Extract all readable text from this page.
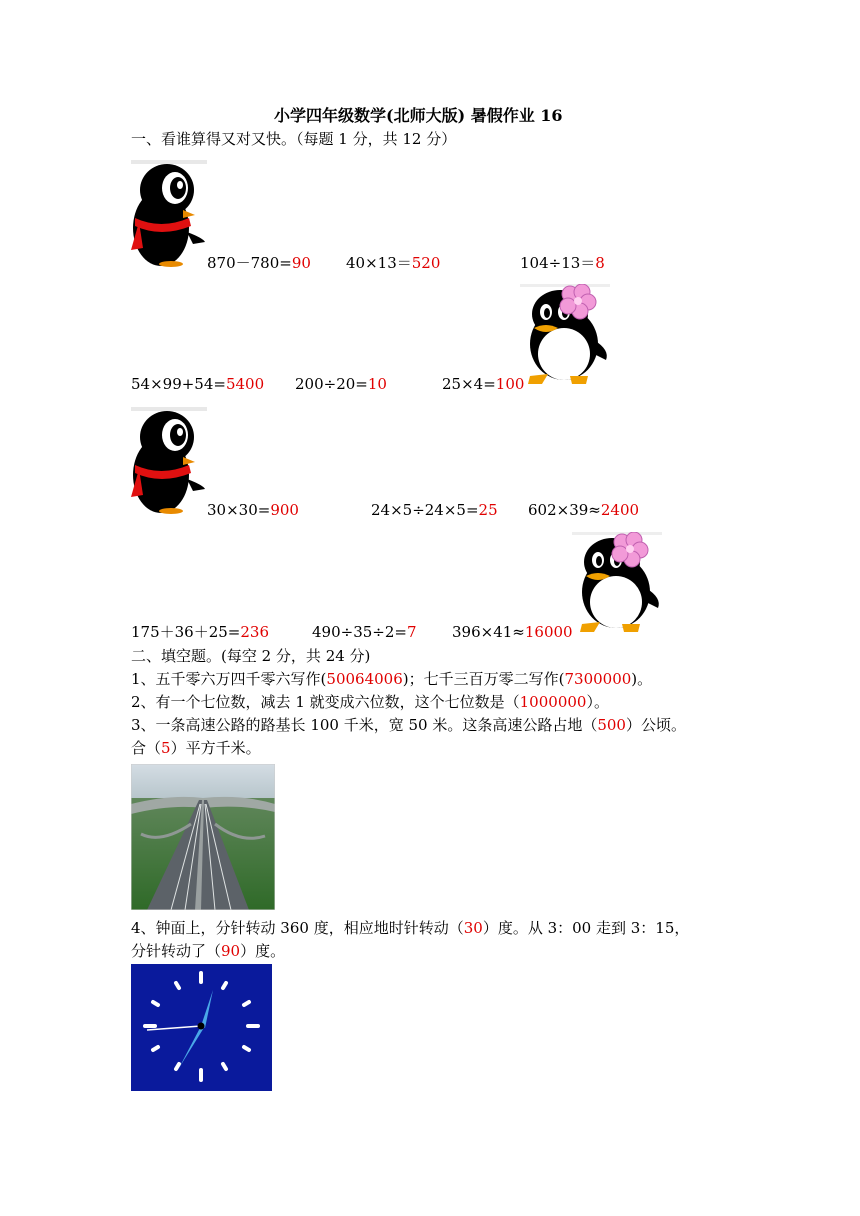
小学四年级数学(北师大版) 暑假作业 16
一、看谁算得又对又快。（每题 1 分，共 12 分）
870－780=90 40×13＝520	104÷13＝8
54×99+54=5400 200÷20=10	25×4=100
30×30=900	24×5÷24×5=25 602×39≈2400
175＋36＋25=236	490÷35÷2=7 396×41≈16000
二、填空题。(每空 2 分，共 24 分)
1、五千零六万四千零六写作(50064006)；七千三百万零二写作(7300000)。
2、有一个七位数，减去 1 就变成六位数，这个七位数是（1000000）。
3、一条高速公路的路基长 100 千米，宽 50 米。这条高速公路占地（500）公顷。
合（5）平方千米。
4、钟面上，分针转动 360 度，相应地时针转动（30）度。从 3：00 走到 3：15，
分针转动了（90）度。
